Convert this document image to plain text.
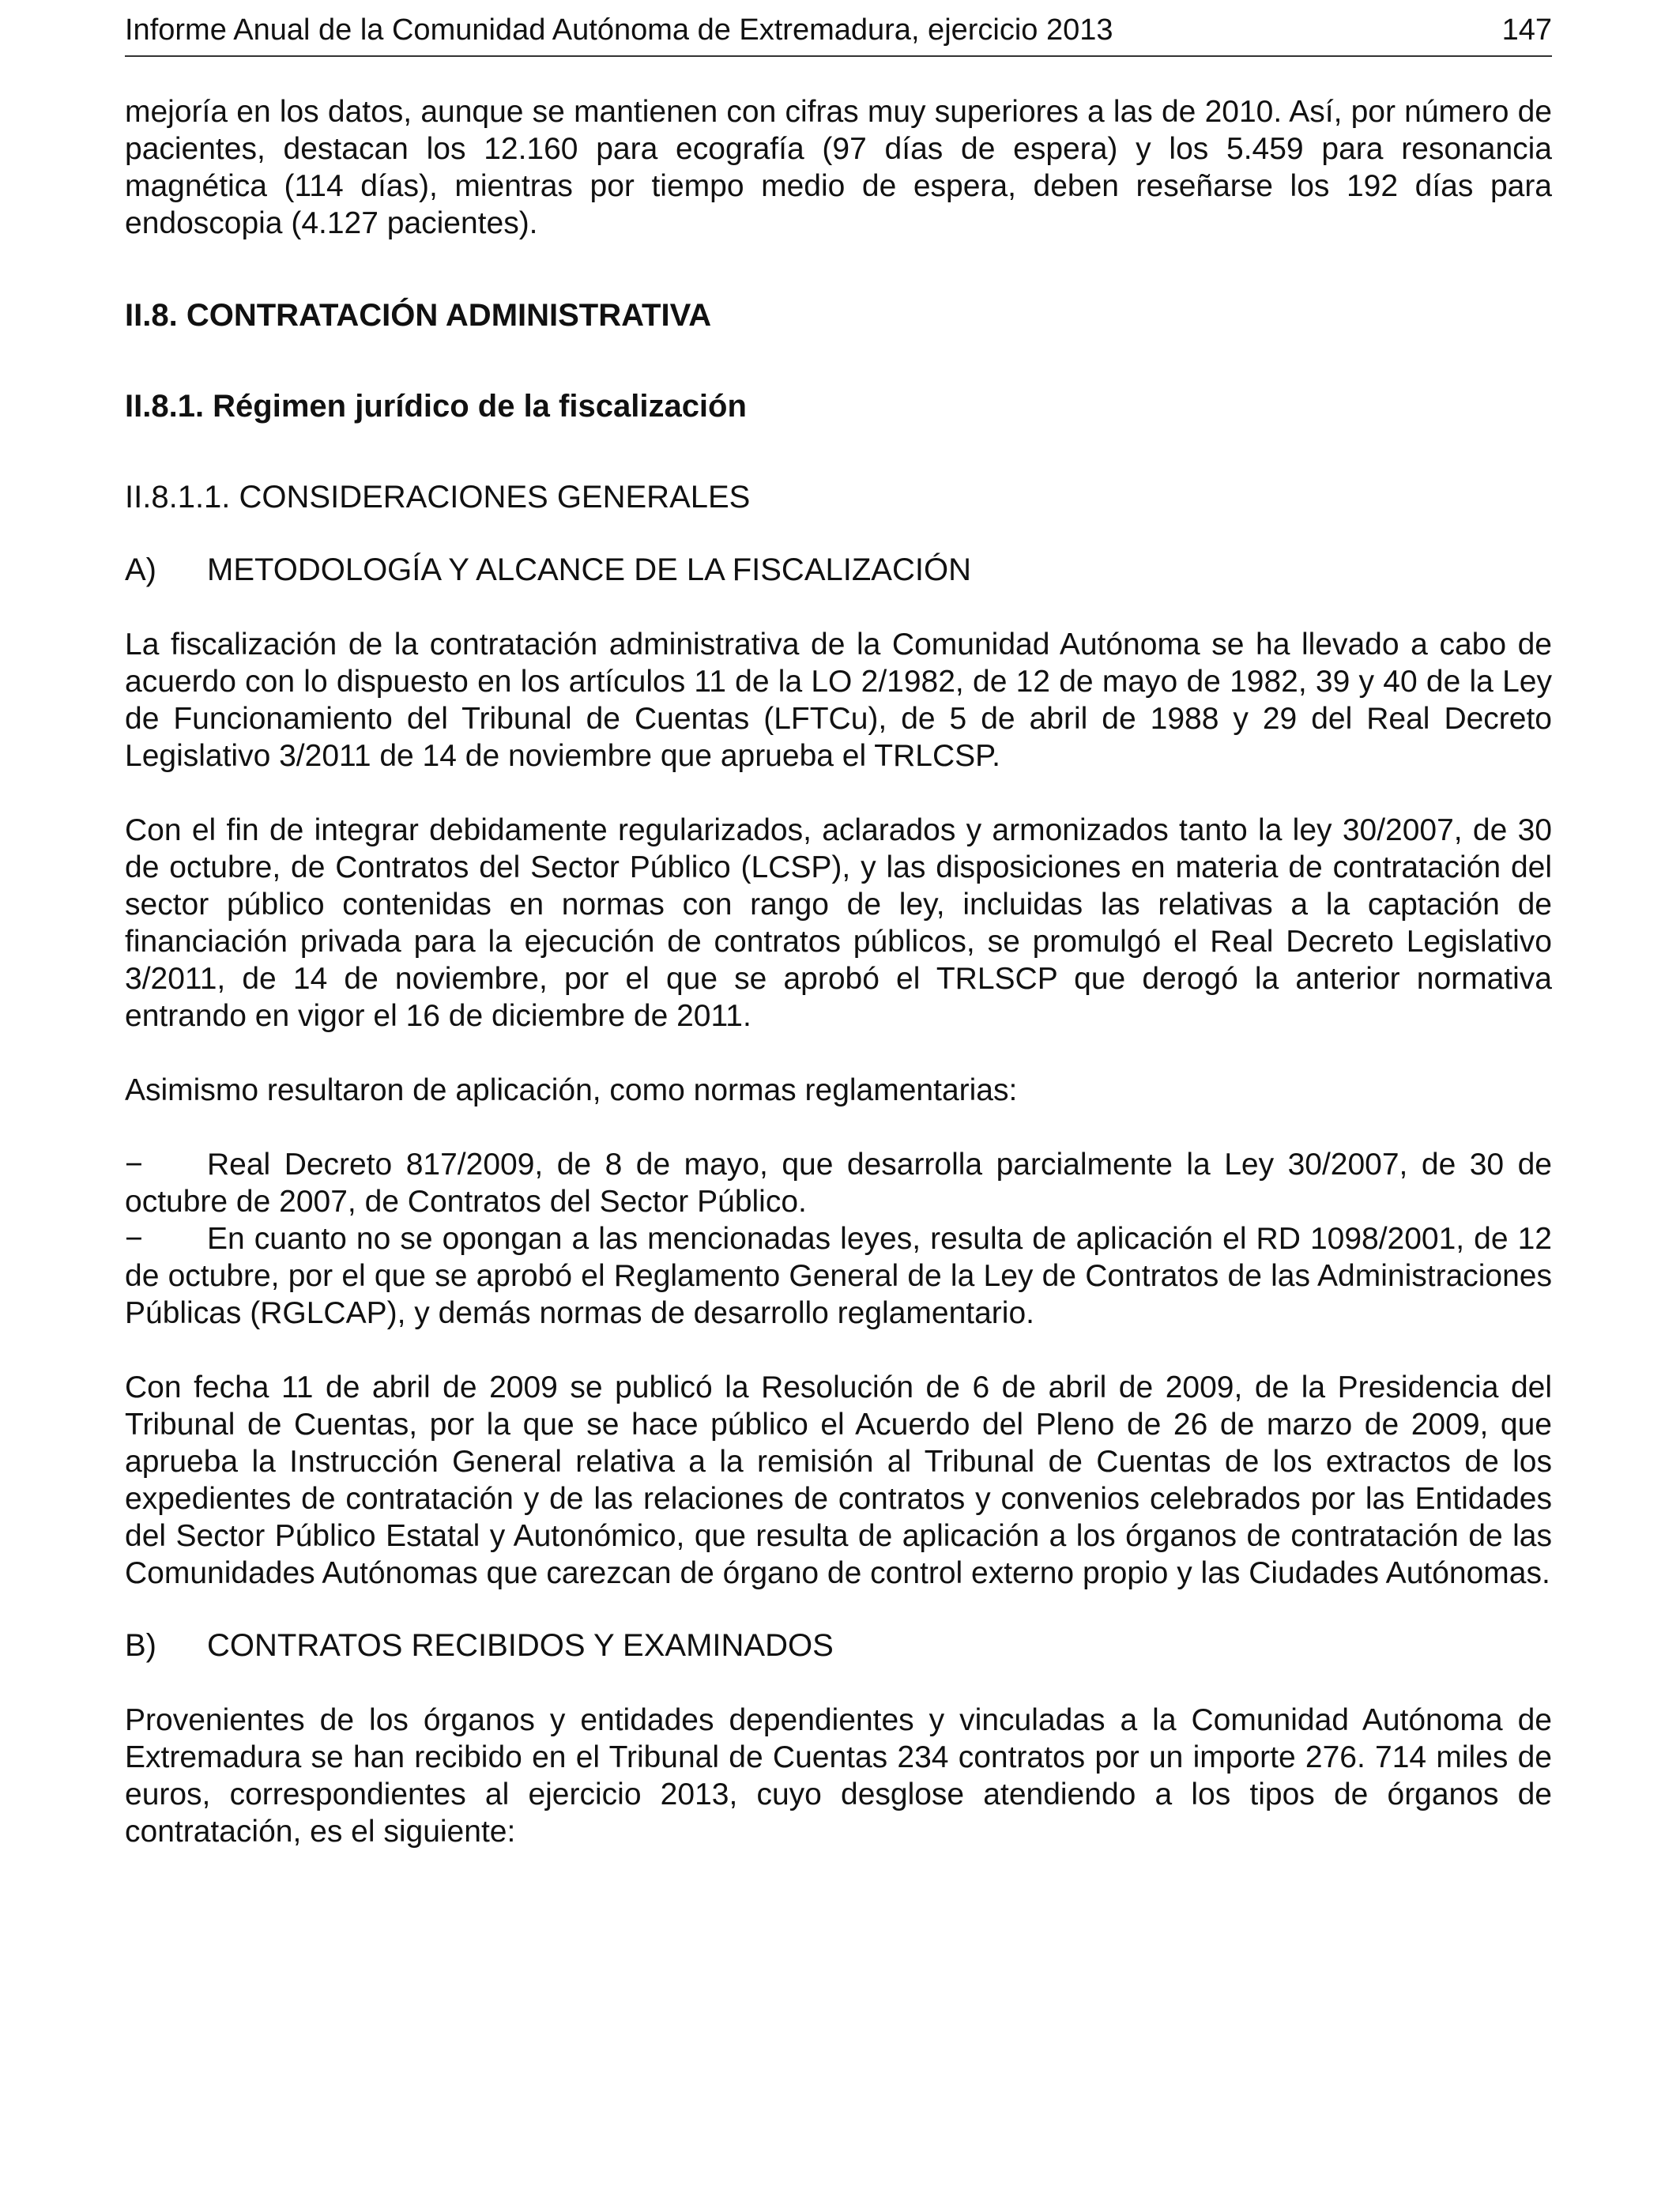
Informe Anual de la Comunidad Autónoma de Extremadura, ejercicio 2013	147

mejoría en los datos, aunque se mantienen con cifras muy superiores a las de 2010. Así, por número de pacientes, destacan los 12.160 para ecografía (97 días de espera) y los 5.459 para resonancia magnética (114 días), mientras por tiempo medio de espera, deben reseñarse los 192 días para endoscopia (4.127 pacientes).

II.8. CONTRATACIÓN ADMINISTRATIVA
II.8.1. Régimen jurídico de la fiscalización
II.8.1.1. CONSIDERACIONES GENERALES
A) METODOLOGÍA Y ALCANCE DE LA FISCALIZACIÓN

La fiscalización de la contratación administrativa de la Comunidad Autónoma se ha llevado a cabo de acuerdo con lo dispuesto en los artículos 11 de la LO 2/1982, de 12 de mayo de 1982, 39 y 40 de la Ley de Funcionamiento del Tribunal de Cuentas (LFTCu), de 5 de abril de 1988 y 29 del Real Decreto Legislativo 3/2011 de 14 de noviembre que aprueba el TRLCSP.

Con el fin de integrar debidamente regularizados, aclarados y armonizados tanto la ley 30/2007, de 30 de octubre, de Contratos del Sector Público (LCSP), y las disposiciones en materia de contratación del sector público contenidas en normas con rango de ley, incluidas las relativas a la captación de financiación privada para la ejecución de contratos públicos, se promulgó el Real Decreto Legislativo 3/2011, de 14 de noviembre, por el que se aprobó el TRLSCP que derogó la anterior normativa entrando en vigor el 16 de diciembre de 2011.

Asimismo resultaron de aplicación, como normas reglamentarias:

− Real Decreto 817/2009, de 8 de mayo, que desarrolla parcialmente la Ley 30/2007, de 30 de octubre de 2007, de Contratos del Sector Público.

− En cuanto no se opongan a las mencionadas leyes, resulta de aplicación el RD 1098/2001, de 12 de octubre, por el que se aprobó el Reglamento General de la Ley de Contratos de las Administraciones Públicas (RGLCAP), y demás normas de desarrollo reglamentario.

Con fecha 11 de abril de 2009 se publicó la Resolución de 6 de abril de 2009, de la Presidencia del Tribunal de Cuentas, por la que se hace público el Acuerdo del Pleno de 26 de marzo de 2009, que aprueba la Instrucción General relativa a la remisión al Tribunal de Cuentas de los extractos de los expedientes de contratación y de las relaciones de contratos y convenios celebrados por las Entidades del Sector Público Estatal y Autonómico, que resulta de aplicación a los órganos de contratación de las Comunidades Autónomas que carezcan de órgano de control externo propio y las Ciudades Autónomas.

B) CONTRATOS RECIBIDOS Y EXAMINADOS

Provenientes de los órganos y entidades dependientes y vinculadas a la Comunidad Autónoma de Extremadura se han recibido en el Tribunal de Cuentas 234 contratos por un importe 276. 714 miles de euros, correspondientes al ejercicio 2013, cuyo desglose atendiendo a los tipos de órganos de contratación, es el siguiente:
